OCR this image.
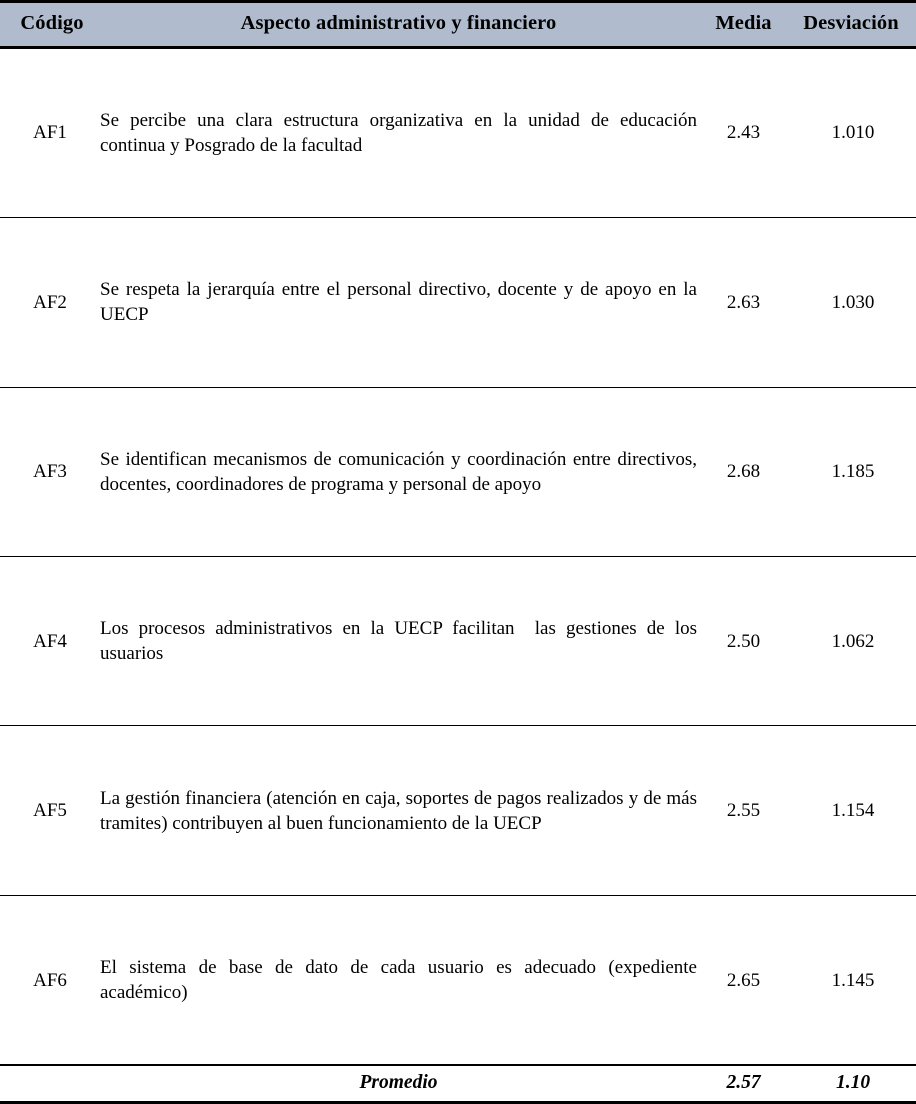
Código	Aspecto administrativo y financiero	Media	Desviación
AF1	Se percibe una clara estructura organizativa en la unidad de educación continua y Posgrado de la facultad	2.43	1.010
AF2	Se respeta la jerarquía entre el personal directivo, docente y de apoyo en la UECP	2.63	1.030
AF3	Se identifican mecanismos de comunicación y coordinación entre directivos, docentes, coordinadores de programa y personal de apoyo	2.68	1.185
AF4	Los procesos administrativos en la UECP facilitan  las gestiones de los usuarios	2.50	1.062
AF5	La gestión financiera (atención en caja, soportes de pagos realizados y de más tramites) contribuyen al buen funcionamiento de la UECP	2.55	1.154
AF6	El sistema de base de dato de cada usuario es adecuado (expediente académico)	2.65	1.145
	Promedio	2.57	1.10
